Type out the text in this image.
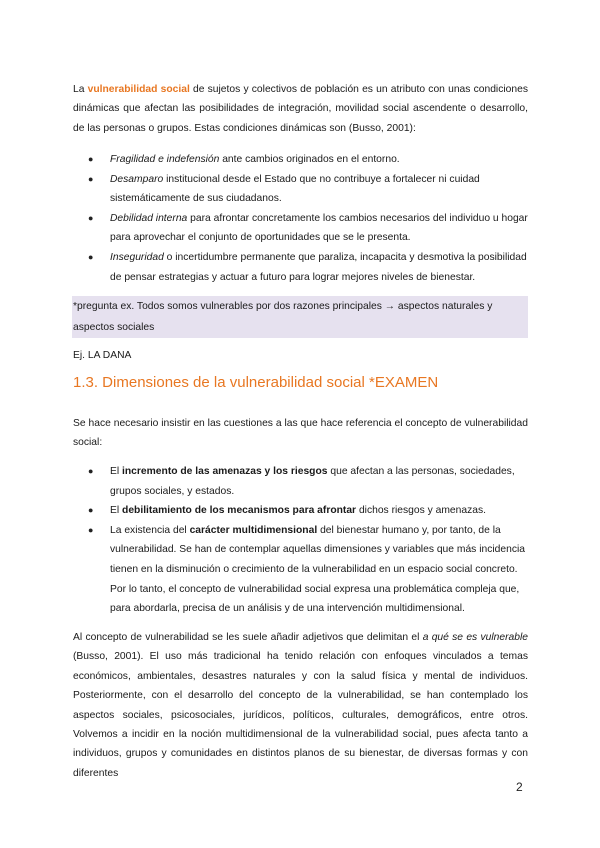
La vulnerabilidad social de sujetos y colectivos de población es un atributo con unas condiciones dinámicas que afectan las posibilidades de integración, movilidad social ascendente o desarrollo, de las personas o grupos. Estas condiciones dinámicas son (Busso, 2001):

● Fragilidad e indefensión ante cambios originados en el entorno.
● Desamparo institucional desde el Estado que no contribuye a fortalecer ni cuidad sistemáticamente de sus ciudadanos.
● Debilidad interna para afrontar concretamente los cambios necesarios del individuo u hogar para aprovechar el conjunto de oportunidades que se le presenta.
● Inseguridad o incertidumbre permanente que paraliza, incapacita y desmotiva la posibilidad de pensar estrategias y actuar a futuro para lograr mejores niveles de bienestar.
*pregunta ex. Todos somos vulnerables por dos razones principales → aspectos naturales y aspectos sociales
Ej. LA DANA
1.3. Dimensiones de la vulnerabilidad social *EXAMEN

Se hace necesario insistir en las cuestiones a las que hace referencia el concepto de vulnerabilidad social:

● El incremento de las amenazas y los riesgos que afectan a las personas, sociedades, grupos sociales, y estados.
● El debilitamiento de los mecanismos para afrontar dichos riesgos y amenazas.
● La existencia del carácter multidimensional del bienestar humano y, por tanto, de la vulnerabilidad. Se han de contemplar aquellas dimensiones y variables que más incidencia tienen en la disminución o crecimiento de la vulnerabilidad en un espacio social concreto. Por lo tanto, el concepto de vulnerabilidad social expresa una problemática compleja que, para abordarla, precisa de un análisis y de una intervención multidimensional.

Al concepto de vulnerabilidad se les suele añadir adjetivos que delimitan el a qué se es vulnerable (Busso, 2001). El uso más tradicional ha tenido relación con enfoques vinculados a temas económicos, ambientales, desastres naturales y con la salud física y mental de individuos. Posteriormente, con el desarrollo del concepto de la vulnerabilidad, se han contemplado los aspectos sociales, psicosociales, jurídicos, políticos, culturales, demográficos, entre otros. Volvemos a incidir en la noción multidimensional de la vulnerabilidad social, pues afecta tanto a individuos, grupos y comunidades en distintos planos de su bienestar, de diversas formas y con diferentes

2
